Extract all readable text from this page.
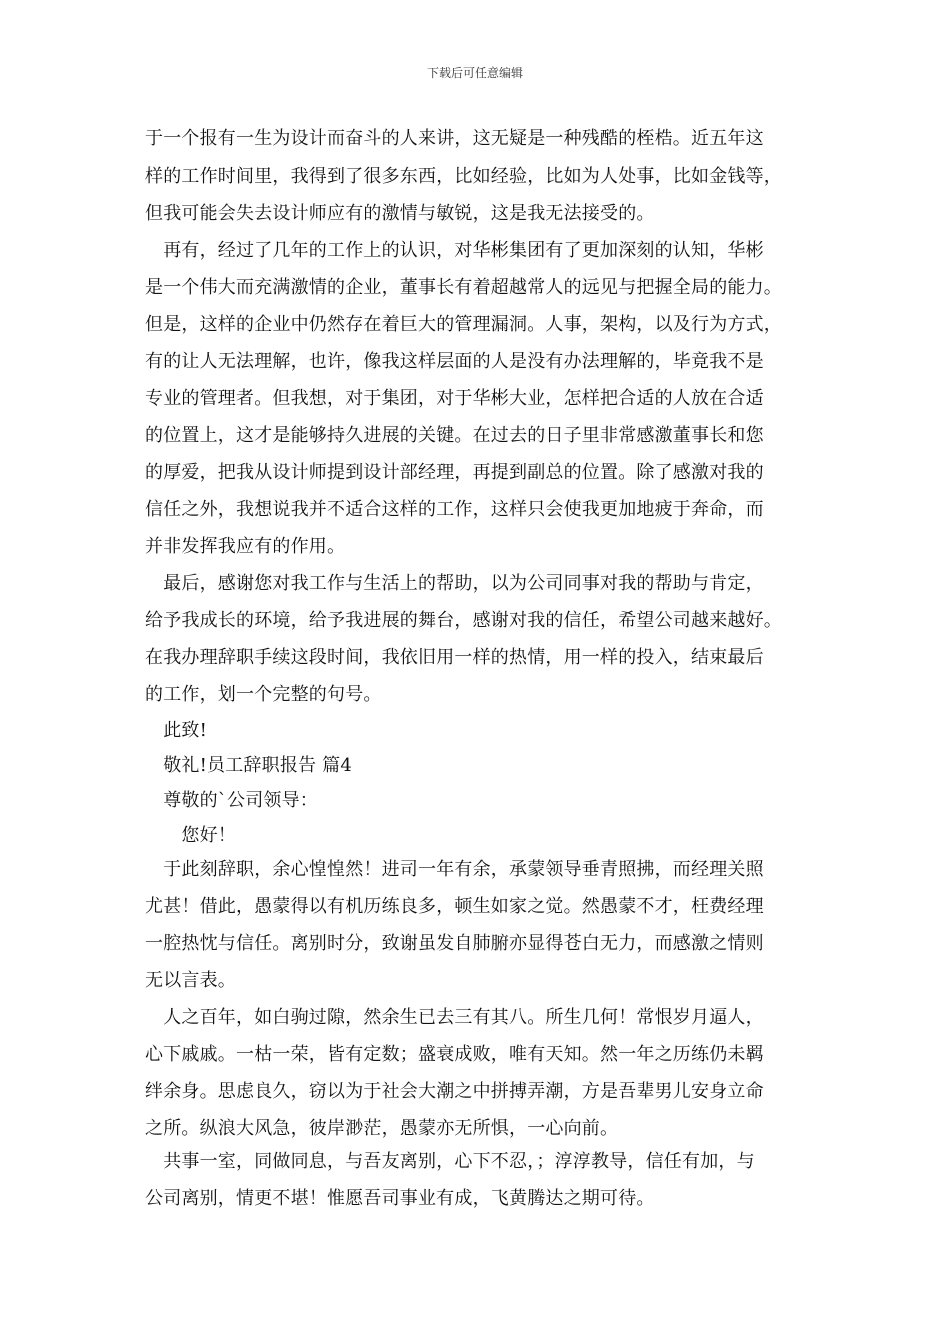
下载后可任意编辑
于一个报有一生为设计而奋斗的人来讲，这无疑是一种残酷的桎梏。近五年这
样的工作时间里，我得到了很多东西，比如经验，比如为人处事，比如金钱等，
但我可能会失去设计师应有的激情与敏锐，这是我无法接受的。
　再有，经过了几年的工作上的认识，对华彬集团有了更加深刻的认知，华彬
是一个伟大而充满激情的企业，董事长有着超越常人的远见与把握全局的能力。
但是，这样的企业中仍然存在着巨大的管理漏洞。人事，架构，以及行为方式，
有的让人无法理解，也许，像我这样层面的人是没有办法理解的，毕竟我不是
专业的管理者。但我想，对于集团，对于华彬大业，怎样把合适的人放在合适
的位置上，这才是能够持久进展的关键。在过去的日子里非常感激董事长和您
的厚爱，把我从设计师提到设计部经理，再提到副总的位置。除了感激对我的
信任之外，我想说我并不适合这样的工作，这样只会使我更加地疲于奔命，而
并非发挥我应有的作用。
　最后，感谢您对我工作与生活上的帮助，以为公司同事对我的帮助与肯定，
给予我成长的环境，给予我进展的舞台，感谢对我的信任，希望公司越来越好。
在我办理辞职手续这段时间，我依旧用一样的热情，用一样的投入，结束最后
的工作，划一个完整的句号。
　此致!
　敬礼!员工辞职报告 篇4
　尊敬的`公司领导：
　　您好！
　于此刻辞职，余心惶惶然！进司一年有余，承蒙领导垂青照拂，而经理关照
尤甚！借此，愚蒙得以有机历练良多，顿生如家之觉。然愚蒙不才，枉费经理
一腔热忱与信任。离别时分，致谢虽发自肺腑亦显得苍白无力，而感激之情则
无以言表。
　人之百年，如白驹过隙，然余生已去三有其八。所生几何！常恨岁月逼人，
心下戚戚。一枯一荣，皆有定数；盛衰成败，唯有天知。然一年之历练仍未羁
绊余身。思虑良久，窃以为于社会大潮之中拼搏弄潮，方是吾辈男儿安身立命
之所。纵浪大风急，彼岸渺茫，愚蒙亦无所惧，一心向前。
　共事一室，同做同息，与吾友离别，心下不忍，；淳淳教导，信任有加，与
公司离别，情更不堪！惟愿吾司事业有成，飞黄腾达之期可待。
